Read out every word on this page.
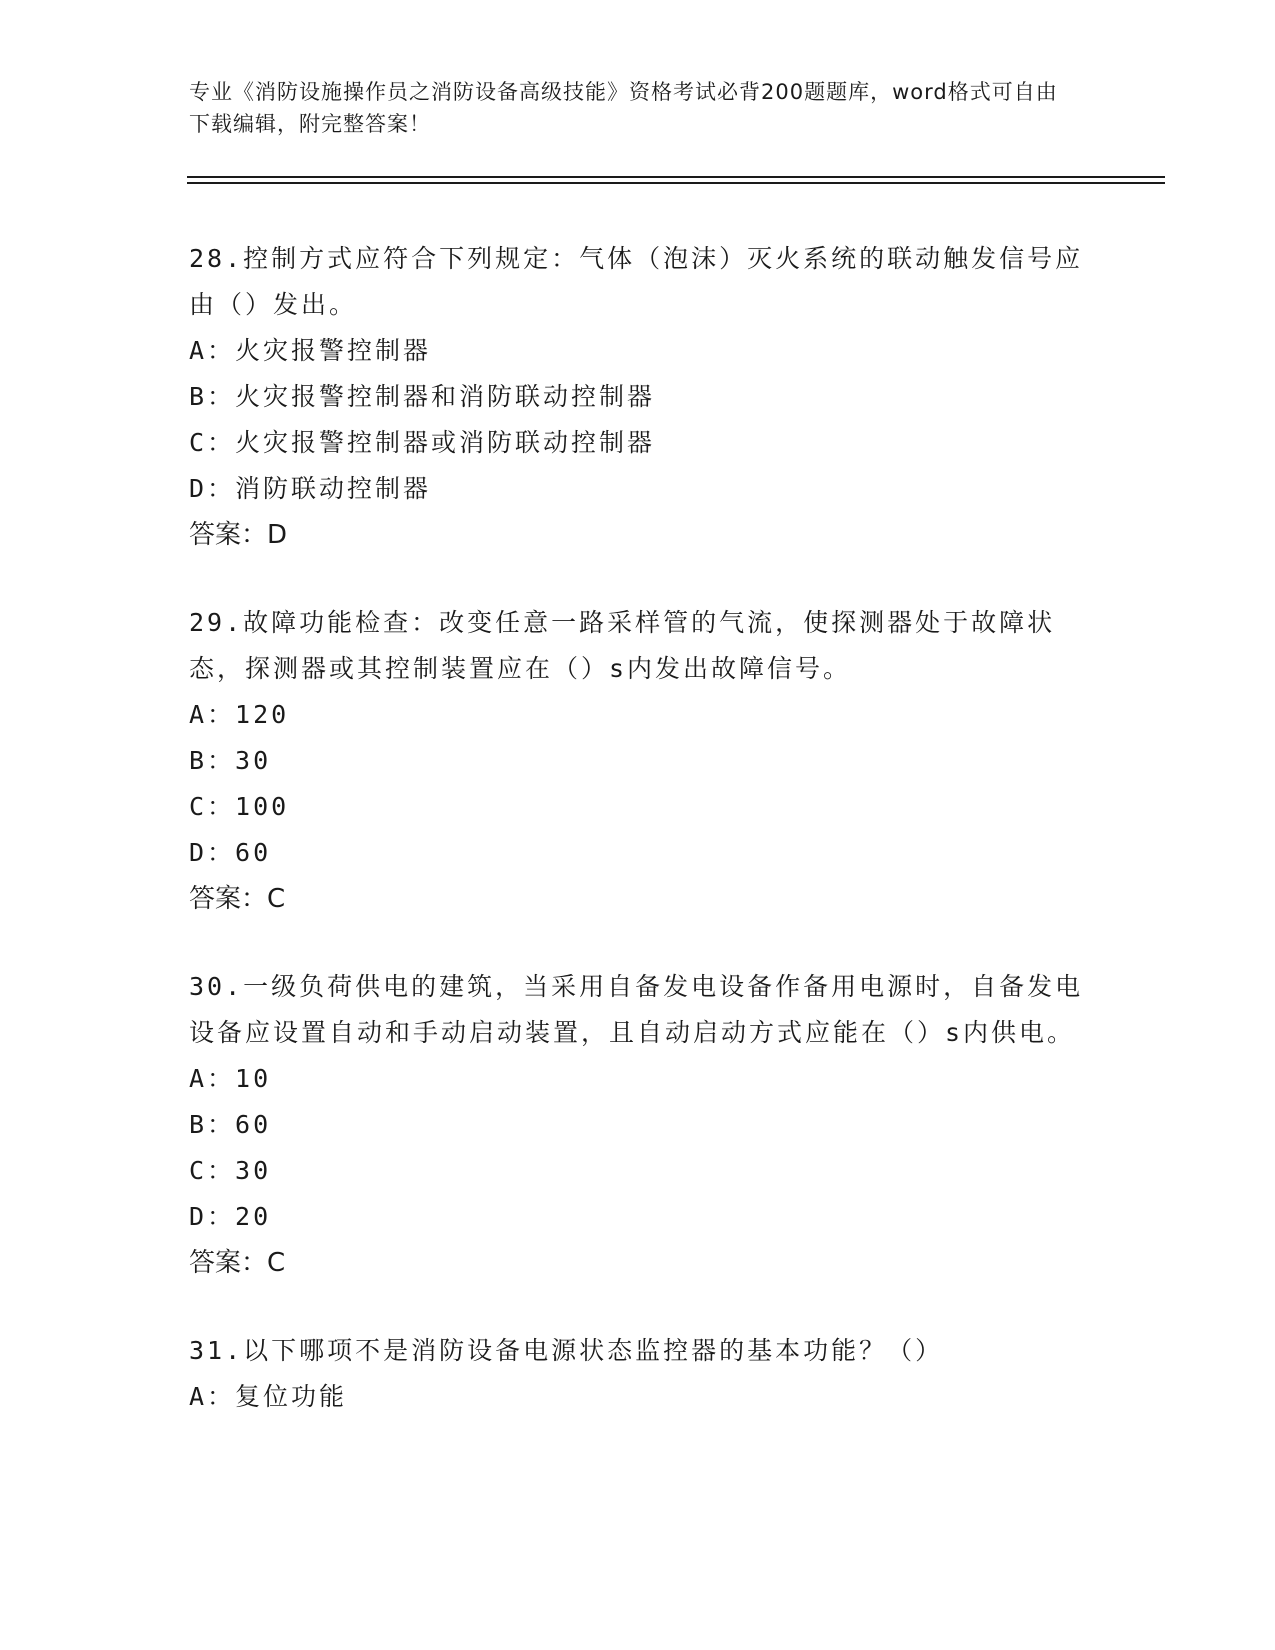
专业《消防设施操作员之消防设备高级技能》资格考试必背200题题库，word格式可自由下载编辑，附完整答案！

28.控制方式应符合下列规定：气体（泡沫）灭火系统的联动触发信号应由（）发出。

A：火灾报警控制器

B：火灾报警控制器和消防联动控制器

C：火灾报警控制器或消防联动控制器

D：消防联动控制器

答案：D

29.故障功能检查：改变任意一路采样管的气流，使探测器处于故障状态，探测器或其控制装置应在（）s内发出故障信号。

A：120

B：30

C：100

D：60

答案：C

30.一级负荷供电的建筑，当采用自备发电设备作备用电源时，自备发电设备应设置自动和手动启动装置，且自动启动方式应能在（）s内供电。

A：10

B：60

C：30

D：20

答案：C

31.以下哪项不是消防设备电源状态监控器的基本功能？（）

A：复位功能
